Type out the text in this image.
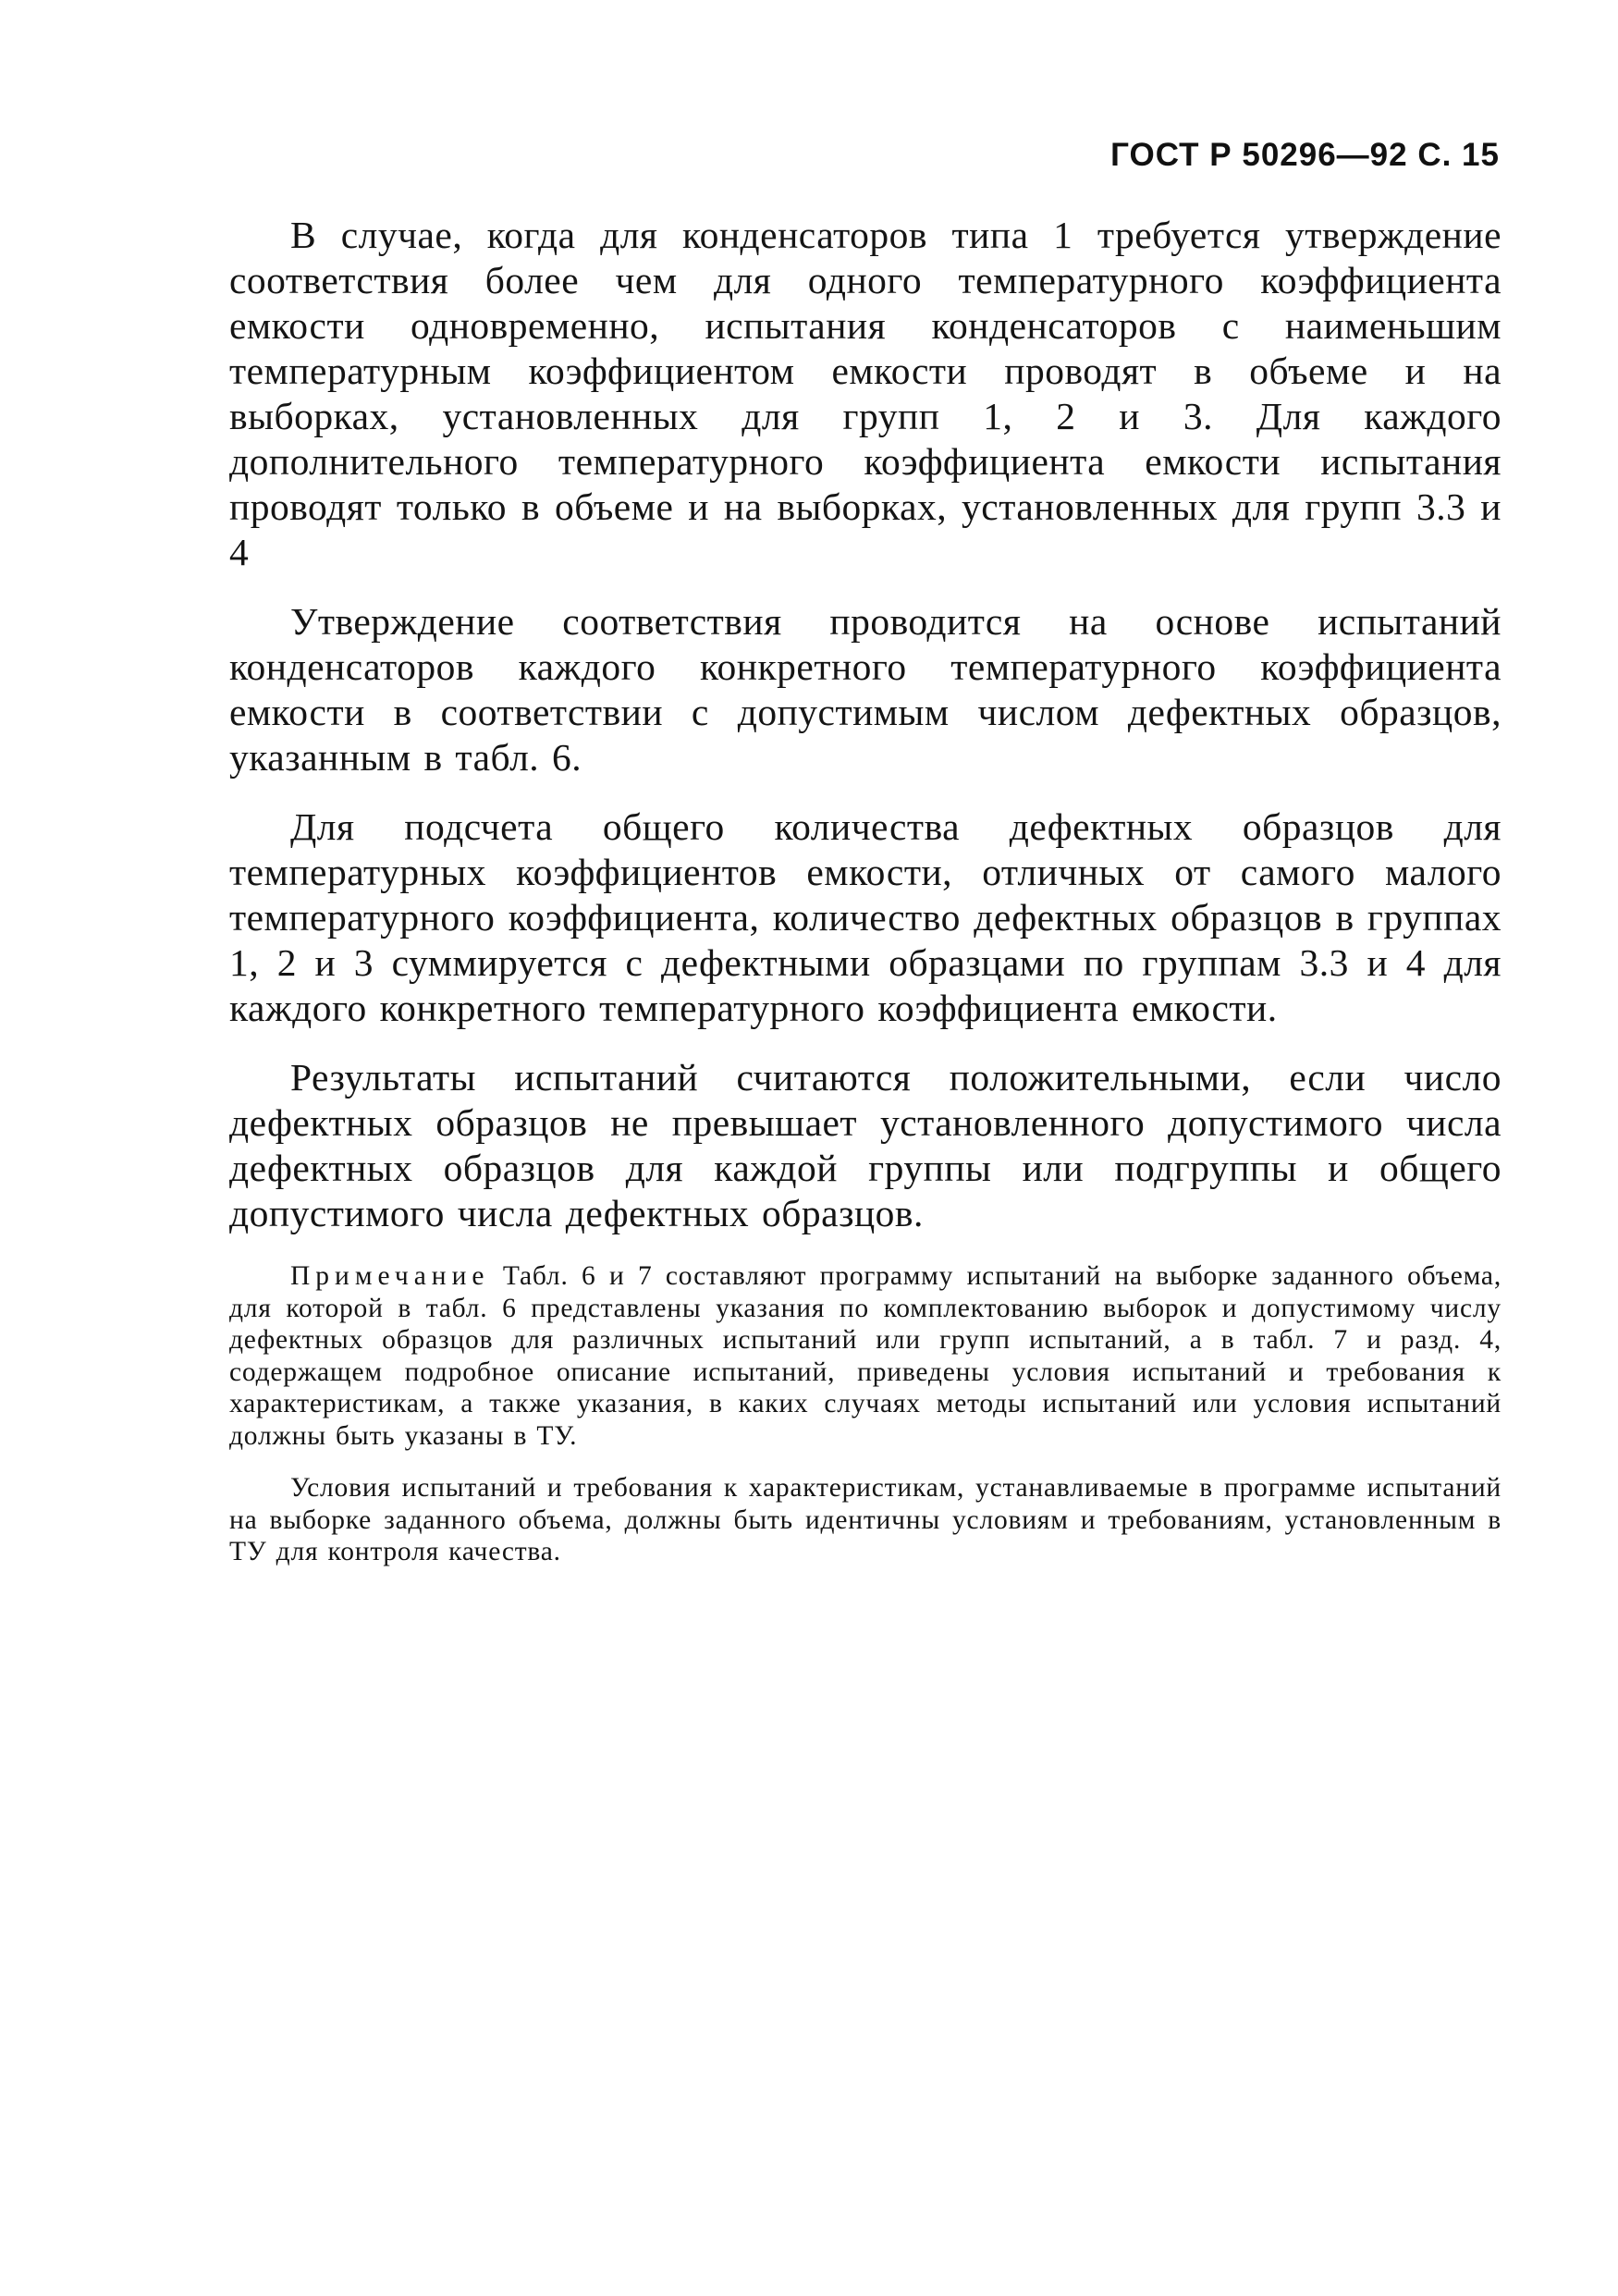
ГОСТ Р 50296—92 С. 15

В случае, когда для конденсаторов типа 1 требуется утверждение соответствия более чем для одного температурного коэффициента емкости одновременно, испытания конденсаторов с наименьшим температурным коэффициентом емкости проводят в объеме и на выборках, установленных для групп 1, 2 и 3. Для каждого дополнительного температурного коэффициента емкости испытания проводят только в объеме и на выборках, установленных для групп 3.3 и 4

Утверждение соответствия проводится на основе испытаний конденсаторов каждого конкретного температурного коэффициента емкости в соответствии с допустимым числом дефектных образцов, указанным в табл. 6.

Для подсчета общего количества дефектных образцов для температурных коэффициентов емкости, отличных от самого малого температурного коэффициента, количество дефектных образцов в группах 1, 2 и 3 суммируется с дефектными образцами по группам 3.3 и 4 для каждого конкретного температурного коэффициента емкости.

Результаты испытаний считаются положительными, если число дефектных образцов не превышает установленного допустимого числа дефектных образцов для каждой группы или подгруппы и общего допустимого числа дефектных образцов.

Примечание Табл. 6 и 7 составляют программу испытаний на выборке заданного объема, для которой в табл. 6 представлены указания по комплектованию выборок и допустимому числу дефектных образцов для различных испытаний или групп испытаний, а в табл. 7 и разд. 4, содержащем подробное описание испытаний, приведены условия испытаний и требования к характеристикам, а также указания, в каких случаях методы испытаний или условия испытаний должны быть указаны в ТУ.

Условия испытаний и требования к характеристикам, устанавливаемые в программе испытаний на выборке заданного объема, должны быть идентичны условиям и требованиям, установленным в ТУ для контроля качества.
